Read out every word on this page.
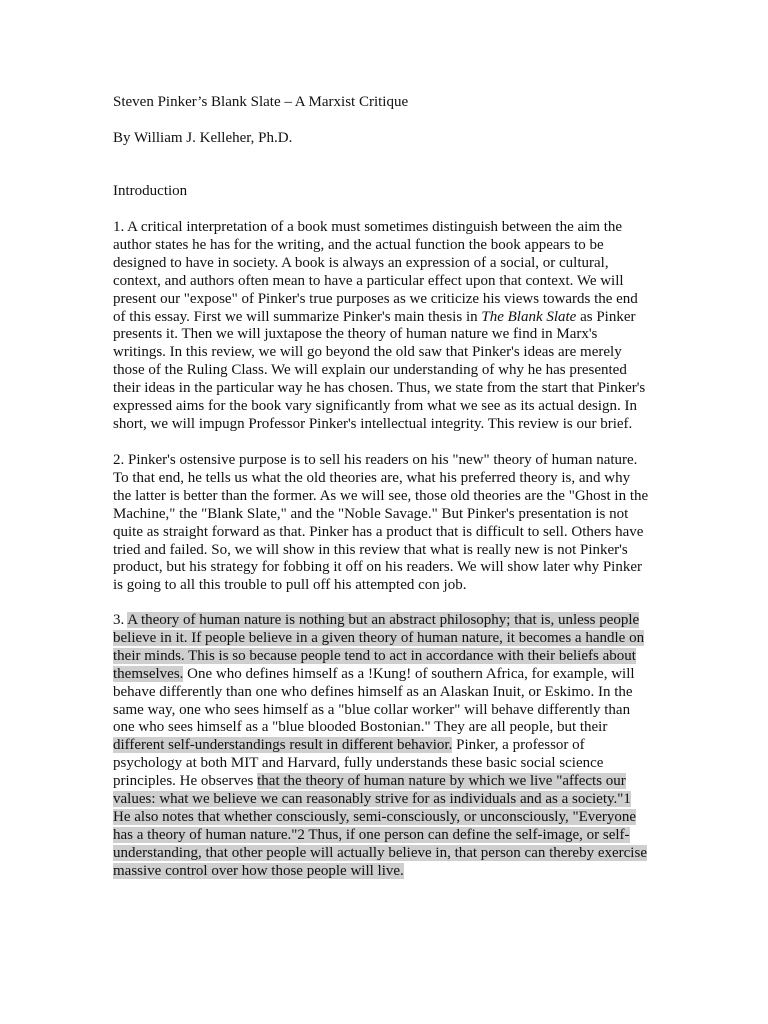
Steven Pinker’s Blank Slate – A Marxist Critique
By William J. Kelleher, Ph.D.
Introduction
1. A critical interpretation of a book must sometimes distinguish between the aim the
author states he has for the writing, and the actual function the book appears to be
designed to have in society. A book is always an expression of a social, or cultural,
context, and authors often mean to have a particular effect upon that context. We will
present our "expose" of Pinker's true purposes as we criticize his views towards the end
of this essay. First we will summarize Pinker's main thesis in The Blank Slate as Pinker
presents it. Then we will juxtapose the theory of human nature we find in Marx's
writings. In this review, we will go beyond the old saw that Pinker's ideas are merely
those of the Ruling Class. We will explain our understanding of why he has presented
their ideas in the particular way he has chosen. Thus, we state from the start that Pinker's
expressed aims for the book vary significantly from what we see as its actual design. In
short, we will impugn Professor Pinker's intellectual integrity. This review is our brief.
2. Pinker's ostensive purpose is to sell his readers on his "new" theory of human nature.
To that end, he tells us what the old theories are, what his preferred theory is, and why
the latter is better than the former. As we will see, those old theories are the "Ghost in the
Machine," the "Blank Slate," and the "Noble Savage." But Pinker's presentation is not
quite as straight forward as that. Pinker has a product that is difficult to sell. Others have
tried and failed. So, we will show in this review that what is really new is not Pinker's
product, but his strategy for fobbing it off on his readers. We will show later why Pinker
is going to all this trouble to pull off his attempted con job.
3. A theory of human nature is nothing but an abstract philosophy; that is, unless people
believe in it. If people believe in a given theory of human nature, it becomes a handle on
their minds. This is so because people tend to act in accordance with their beliefs about
themselves. One who defines himself as a !Kung! of southern Africa, for example, will
behave differently than one who defines himself as an Alaskan Inuit, or Eskimo. In the
same way, one who sees himself as a "blue collar worker" will behave differently than
one who sees himself as a "blue blooded Bostonian." They are all people, but their
different self-understandings result in different behavior. Pinker, a professor of
psychology at both MIT and Harvard, fully understands these basic social science
principles. He observes that the theory of human nature by which we live "affects our
values: what we believe we can reasonably strive for as individuals and as a society."1
He also notes that whether consciously, semi-consciously, or unconsciously, "Everyone
has a theory of human nature."2 Thus, if one person can define the self-image, or self-
understanding, that other people will actually believe in, that person can thereby exercise
massive control over how those people will live.
